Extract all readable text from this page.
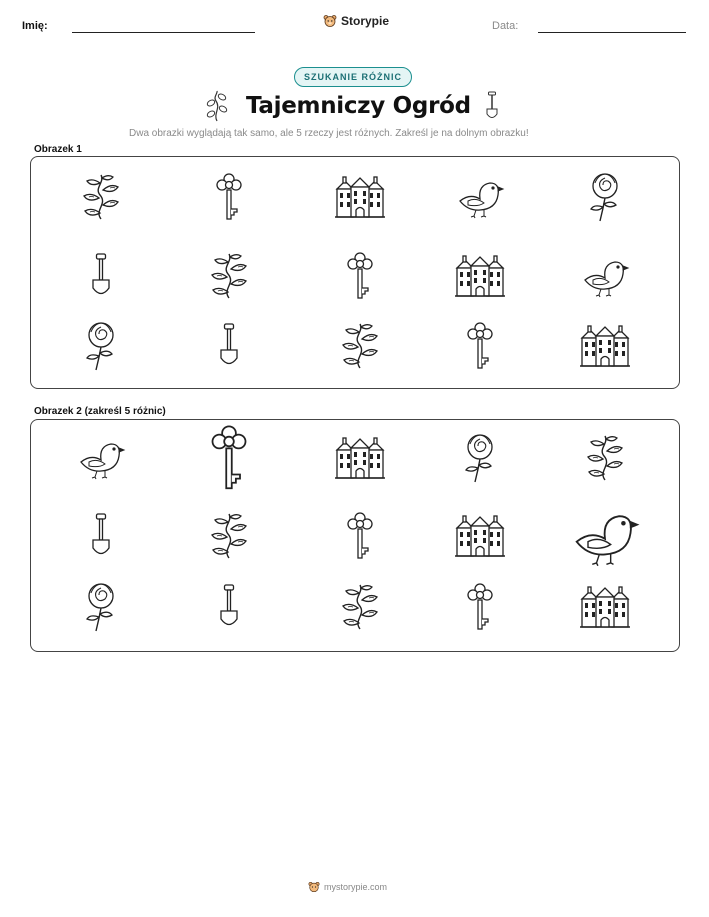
Imię:	Storypie	Data:
SZUKANIE RÓŻNIC
Tajemniczy Ogród
Dwa obrazki wyglądają tak samo, ale 5 rzeczy jest różnych. Zakreśl je na dolnym obrazku!
Obrazek 1
Obrazek 2 (zakreśl 5 różnic)
mystorypie.com
